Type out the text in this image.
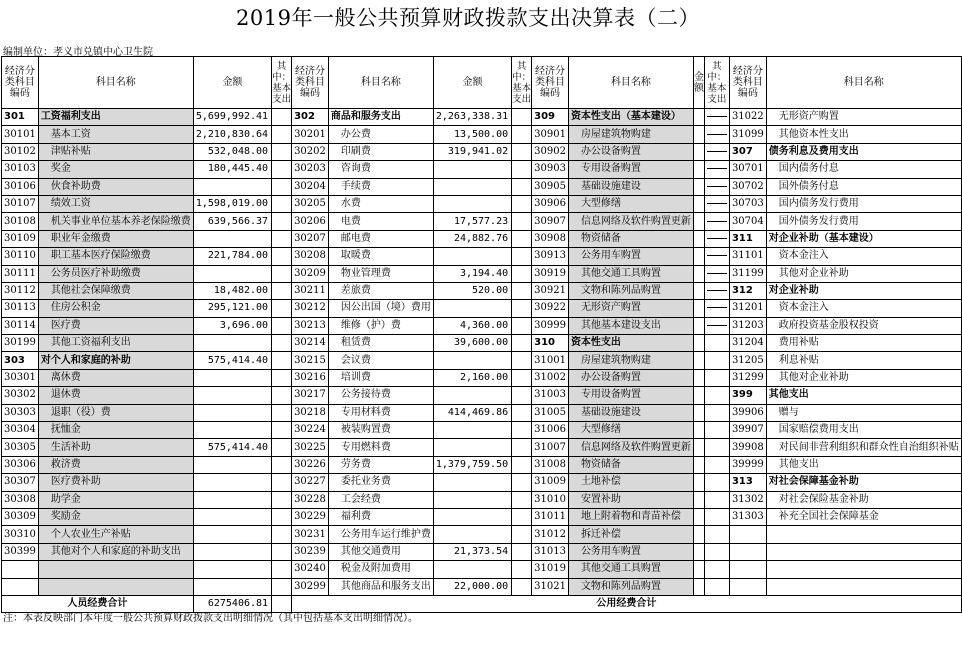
2019年一般公共预算财政拨款支出决算表（二）
编制单位：孝义市兑镇中心卫生院
经济分类科目编码	科目名称	金额	其中：基本支出	经济分类科目编码	科目名称	金额	其中：基本支出	经济分类科目编码	科目名称	金额	其中：基本支出	经济分类科目编码	科目名称
301	工资福利支出	5,699,992.41		302	商品和服务支出	2,263,338.31		309	资本性支出（基本建设）			31022	无形资产购置
30101	基本工资	2,210,830.64		30201	办公费	13,500.00		30901	房屋建筑物购建			31099	其他资本性支出
30102	津贴补贴	532,048.00		30202	印刷费	319,941.02		30902	办公设备购置			307	债务利息及费用支出
30103	奖金	180,445.40		30203	咨询费			30903	专用设备购置			30701	国内债务付息
30106	伙食补助费			30204	手续费			30905	基础设施建设			30702	国外债务付息
30107	绩效工资	1,598,019.00		30205	水费			30906	大型修缮			30703	国内债务发行费用
30108	机关事业单位基本养老保险缴费	639,566.37		30206	电费	17,577.23		30907	信息网络及软件购置更新			30704	国外债务发行费用
30109	职业年金缴费			30207	邮电费	24,882.76		30908	物资储备			311	对企业补助（基本建设）
30110	职工基本医疗保险缴费	221,784.00		30208	取暖费			30913	公务用车购置			31101	资本金注入
30111	公务员医疗补助缴费			30209	物业管理费	3,194.40		30919	其他交通工具购置			31199	其他对企业补助
30112	其他社会保障缴费	18,482.00		30211	差旅费	520.00		30921	文物和陈列品购置			312	对企业补助
30113	住房公积金	295,121.00		30212	因公出国（境）费用			30922	无形资产购置			31201	资本金注入
30114	医疗费	3,696.00		30213	维修（护）费	4,360.00		30999	其他基本建设支出			31203	政府投资基金股权投资
30199	其他工资福利支出			30214	租赁费	39,600.00		310	资本性支出			31204	费用补贴
303	对个人和家庭的补助	575,414.40		30215	会议费			31001	房屋建筑物购建			31205	利息补贴
30301	离休费			30216	培训费	2,160.00		31002	办公设备购置			31299	其他对企业补助
30302	退休费			30217	公务接待费			31003	专用设备购置			399	其他支出
30303	退职（役）费			30218	专用材料费	414,469.86		31005	基础设施建设			39906	赠与
30304	抚恤金			30224	被装购置费			31006	大型修缮			39907	国家赔偿费用支出
30305	生活补助	575,414.40		30225	专用燃料费			31007	信息网络及软件购置更新			39908	对民间非营利组织和群众性自治组织补贴
30306	救济费			30226	劳务费	1,379,759.50		31008	物资储备			39999	其他支出
30307	医疗费补助			30227	委托业务费			31009	土地补偿			313	对社会保障基金补助
30308	助学金			30228	工会经费			31010	安置补助			31302	对社会保险基金补助
30309	奖励金			30229	福利费			31011	地上附着物和青苗补偿			31303	补充全国社会保障基金
30310	个人农业生产补贴			30231	公务用车运行维护费			31012	拆迁补偿				
30399	其他对个人和家庭的补助支出			30239	其他交通费用	21,373.54		31013	公务用车购置				
				30240	税金及附加费用			31019	其他交通工具购置				
				30299	其他商品和服务支出	22,000.00		31021	文物和陈列品购置				
人员经费合计		6275406.81		公用经费合计									
注：本表反映部门本年度一般公共预算财政拨款支出明细情况（其中包括基本支出明细情况）。
